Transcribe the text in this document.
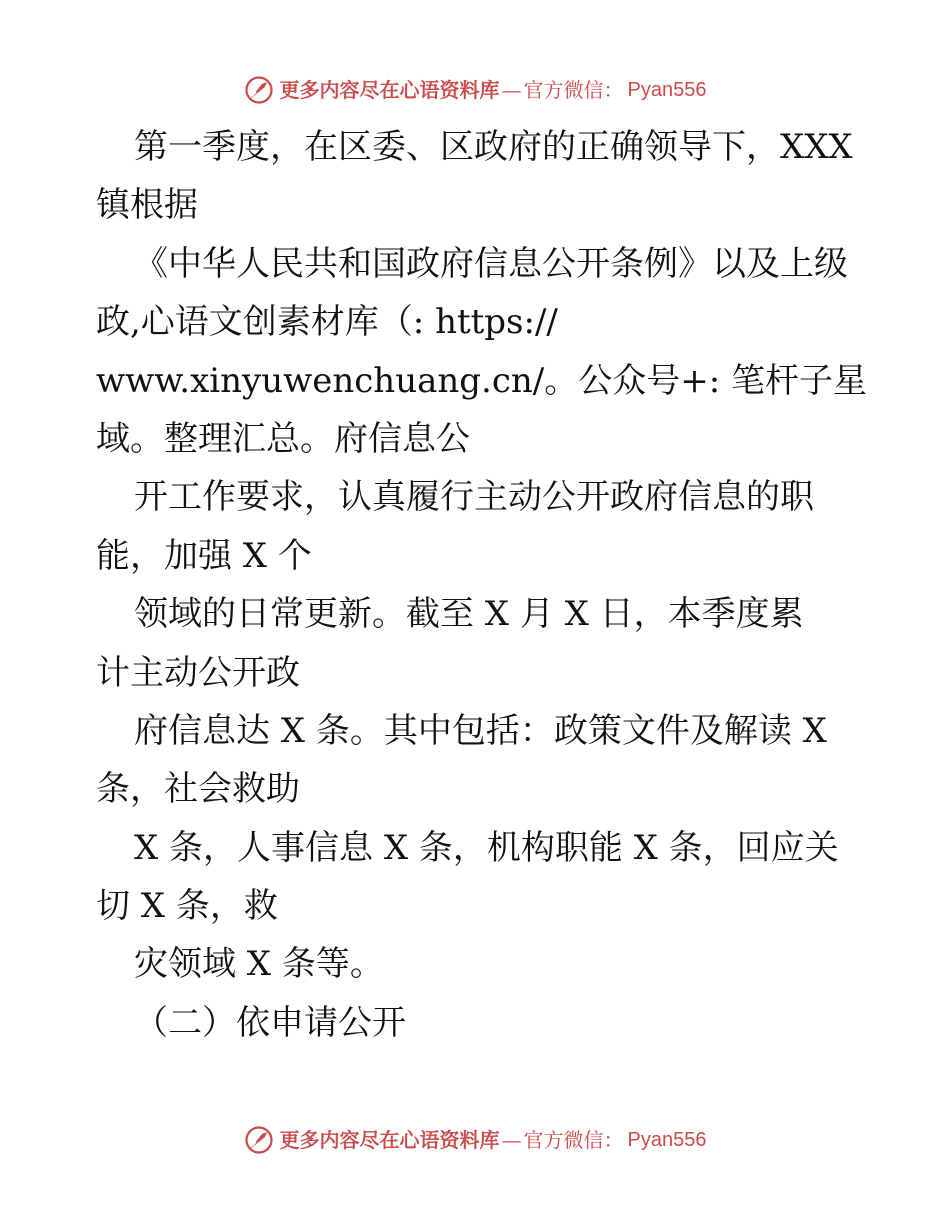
更多内容尽在心语资料库 — 官方微信： Pyan556
第一季度，在区委、区政府的正确领导下，XXX
镇根据
《中华人民共和国政府信息公开条例》以及上级
政,心语文创素材库（: https://
www.xinyuwenchuang.cn/。公众号+: 笔杆子星
域。整理汇总。府信息公
开工作要求，认真履行主动公开政府信息的职
能，加强 X 个
领域的日常更新。截至 X 月 X 日，本季度累
计主动公开政
府信息达 X 条。其中包括：政策文件及解读 X
条，社会救助
X 条，人事信息 X 条，机构职能 X 条，回应关
切 X 条，救
灾领域 X 条等。
（二）依申请公开
更多内容尽在心语资料库 — 官方微信： Pyan556
